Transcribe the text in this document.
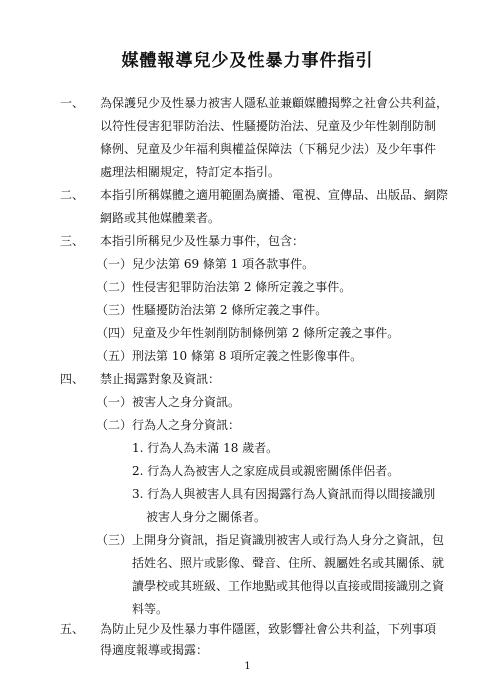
媒體報導兒少及性暴力事件指引
一、 為保護兒少及性暴力被害人隱私並兼顧媒體揭弊之社會公共利益，
以符性侵害犯罪防治法、性騷擾防治法、兒童及少年性剝削防制
條例、兒童及少年福利與權益保障法（下稱兒少法）及少年事件
處理法相關規定，特訂定本指引。
二、 本指引所稱媒體之適用範圍為廣播、電視、宣傳品、出版品、網際
網路或其他媒體業者。
三、 本指引所稱兒少及性暴力事件，包含：
（一）兒少法第 69 條第 1 項各款事件。
（二）性侵害犯罪防治法第 2 條所定義之事件。
（三）性騷擾防治法第 2 條所定義之事件。
（四）兒童及少年性剝削防制條例第 2 條所定義之事件。
（五）刑法第 10 條第 8 項所定義之性影像事件。
四、 禁止揭露對象及資訊：
（一）被害人之身分資訊。
（二）行為人之身分資訊：
1. 行為人為未滿 18 歲者。
2. 行為人為被害人之家庭成員或親密關係伴侶者。
3. 行為人與被害人具有因揭露行為人資訊而得以間接識別
被害人身分之關係者。
（三）上開身分資訊，指足資識別被害人或行為人身分之資訊，包
括姓名、照片或影像、聲音、住所、親屬姓名或其關係、就
讀學校或其班級、工作地點或其他得以直接或間接識別之資
料等。
五、 為防止兒少及性暴力事件隱匿，致影響社會公共利益，下列事項
得適度報導或揭露：
1
